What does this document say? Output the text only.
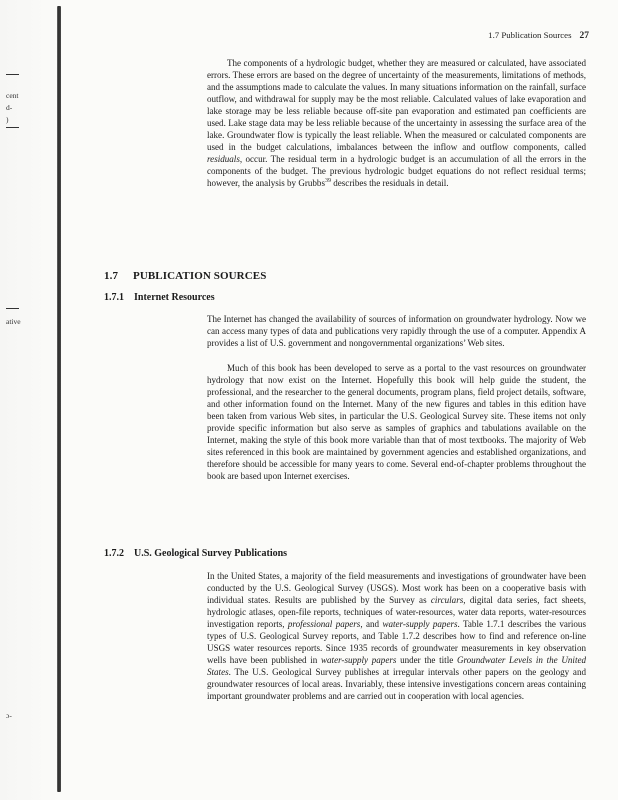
cent
d-
)
ative
ɔ-
1.7 Publication Sources 27

The components of a hydrologic budget, whether they are measured or calculated, have associated errors. These errors are based on the degree of uncertainty of the measurements, limitations of methods, and the assumptions made to calculate the values. In many situations information on the rainfall, surface outflow, and withdrawal for supply may be the most reliable. Calculated values of lake evaporation and lake storage may be less reliable because off-site pan evaporation and estimated pan coefficients are used. Lake stage data may be less reliable because of the uncertainty in assessing the surface area of the lake. Groundwater flow is typically the least reliable. When the measured or calculated components are used in the budget calculations, imbalances between the inflow and outflow components, called residuals, occur. The residual term in a hydrologic budget is an accumulation of all the errors in the components of the budget. The previous hydrologic budget equations do not reflect residual terms; however, the analysis by Grubbs$^{39}$ describes the residuals in detail.

1.7 PUBLICATION SOURCES
1.7.1 Internet Resources

The Internet has changed the availability of sources of information on groundwater hydrology. Now we can access many types of data and publications very rapidly through the use of a computer. Appendix A provides a list of U.S. government and nongovernmental organizations’ Web sites.

Much of this book has been developed to serve as a portal to the vast resources on groundwater hydrology that now exist on the Internet. Hopefully this book will help guide the student, the professional, and the researcher to the general documents, program plans, field project details, software, and other information found on the Internet. Many of the new figures and tables in this edition have been taken from various Web sites, in particular the U.S. Geological Survey site. These items not only provide specific information but also serve as samples of graphics and tabulations available on the Internet, making the style of this book more variable than that of most textbooks. The majority of Web sites referenced in this book are maintained by government agencies and established organizations, and therefore should be accessible for many years to come. Several end-of-chapter problems throughout the book are based upon Internet exercises.

1.7.2 U.S. Geological Survey Publications

In the United States, a majority of the field measurements and investigations of groundwater have been conducted by the U.S. Geological Survey (USGS). Most work has been on a cooperative basis with individual states. Results are published by the Survey as circulars, digital data series, fact sheets, hydrologic atlases, open-file reports, techniques of water-resources, water data reports, water-resources investigation reports, professional papers, and water-supply papers. Table 1.7.1 describes the various types of U.S. Geological Survey reports, and Table 1.7.2 describes how to find and reference on-line USGS water resources reports. Since 1935 records of groundwater measurements in key observation wells have been published in water-supply papers under the title Groundwater Levels in the United States. The U.S. Geological Survey publishes at irregular intervals other papers on the geology and groundwater resources of local areas. Invariably, these intensive investigations concern areas containing important groundwater problems and are carried out in cooperation with local agencies.
